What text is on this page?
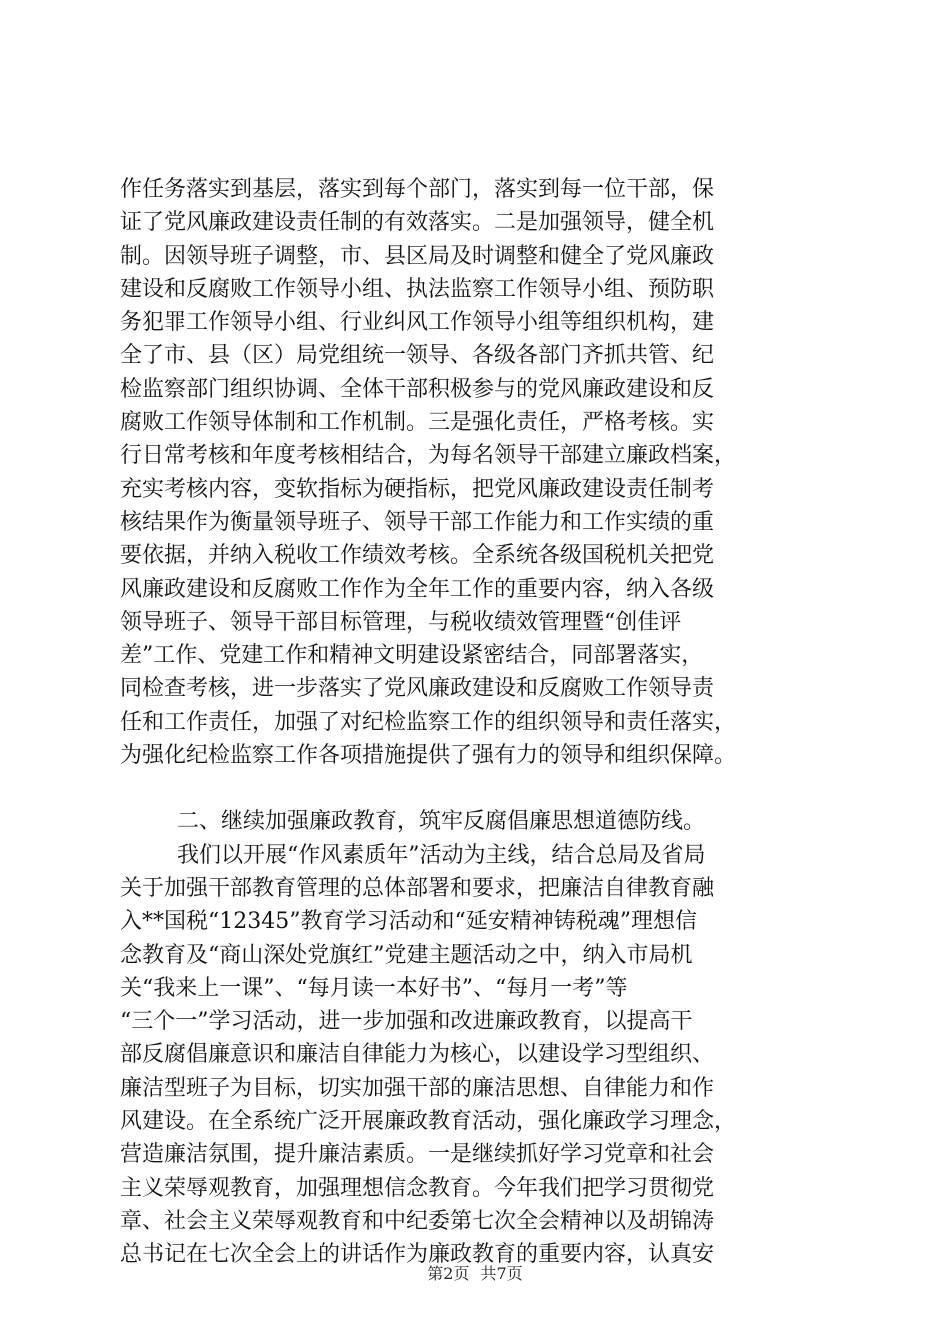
作任务落实到基层，落实到每个部门，落实到每一位干部，保
证了党风廉政建设责任制的有效落实。二是加强领导，健全机
制。因领导班子调整，市、县区局及时调整和健全了党风廉政
建设和反腐败工作领导小组、执法监察工作领导小组、预防职
务犯罪工作领导小组、行业纠风工作领导小组等组织机构，建
全了市、县（区）局党组统一领导、各级各部门齐抓共管、纪
检监察部门组织协调、全体干部积极参与的党风廉政建设和反
腐败工作领导体制和工作机制。三是强化责任，严格考核。实
行日常考核和年度考核相结合，为每名领导干部建立廉政档案，
充实考核内容，变软指标为硬指标，把党风廉政建设责任制考
核结果作为衡量领导班子、领导干部工作能力和工作实绩的重
要依据，并纳入税收工作绩效考核。全系统各级国税机关把党
风廉政建设和反腐败工作作为全年工作的重要内容，纳入各级
领导班子、领导干部目标管理，与税收绩效管理暨“创佳评
差”工作、党建工作和精神文明建设紧密结合，同部署落实，
同检查考核，进一步落实了党风廉政建设和反腐败工作领导责
任和工作责任，加强了对纪检监察工作的组织领导和责任落实，
为强化纪检监察工作各项措施提供了强有力的领导和组织保障。
二、继续加强廉政教育，筑牢反腐倡廉思想道德防线。
我们以开展“作风素质年”活动为主线，结合总局及省局
关于加强干部教育管理的总体部署和要求，把廉洁自律教育融
入**国税“12345”教育学习活动和“延安精神铸税魂”理想信
念教育及“商山深处党旗红”党建主题活动之中，纳入市局机
关“我来上一课”、“每月读一本好书”、“每月一考”等
“三个一”学习活动，进一步加强和改进廉政教育，以提高干
部反腐倡廉意识和廉洁自律能力为核心，以建设学习型组织、
廉洁型班子为目标，切实加强干部的廉洁思想、自律能力和作
风建设。在全系统广泛开展廉政教育活动，强化廉政学习理念，
营造廉洁氛围，提升廉洁素质。一是继续抓好学习党章和社会
主义荣辱观教育，加强理想信念教育。今年我们把学习贯彻党
章、社会主义荣辱观教育和中纪委第七次全会精神以及胡锦涛
总书记在七次全会上的讲话作为廉政教育的重要内容，认真安
第2页 共7页
